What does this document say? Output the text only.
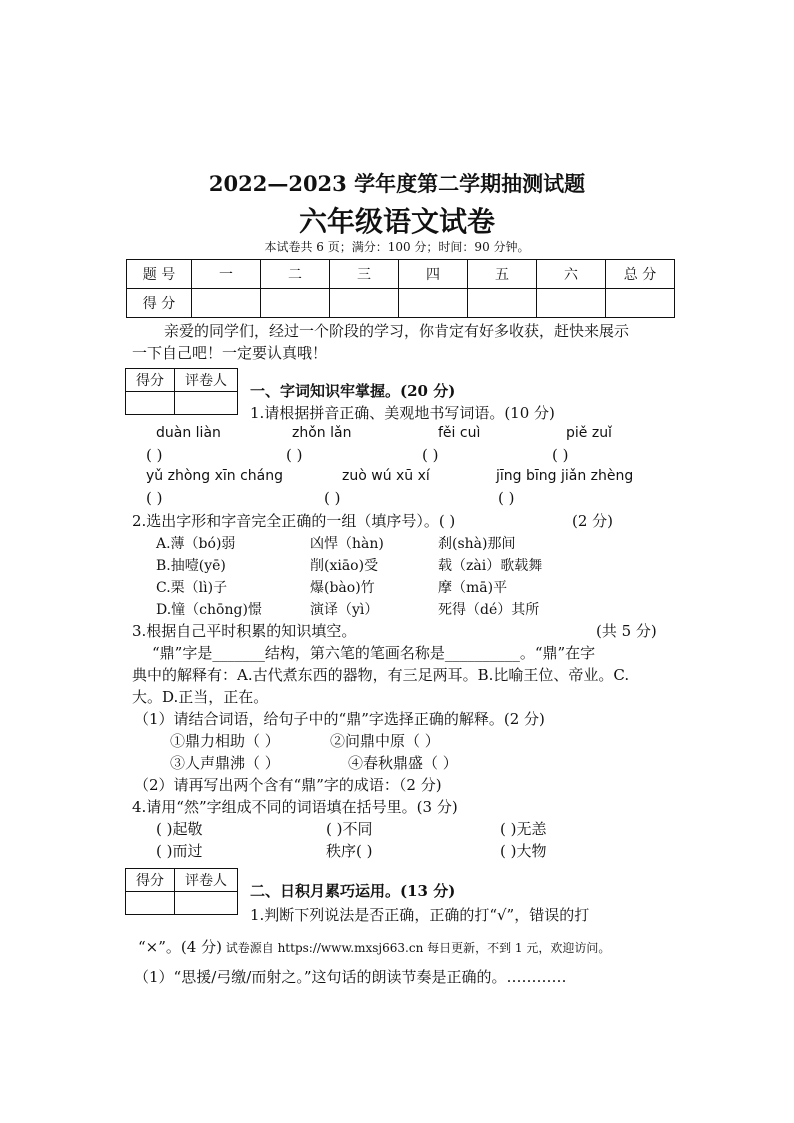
2022—2023 学年度第二学期抽测试题
六年级语文试卷
本试卷共 6 页；满分：100 分；时间：90 分钟。
题 号	一	二	三	四	五	六	总 分
得 分							
亲爱的同学们，经过一个阶段的学习，你肯定有好多收获，赶快来展示
一下自己吧！一定要认真哦！
得分	评卷人

一、字词知识牢掌握。(20 分)
1.请根据拼音正确、美观地书写词语。(10 分)
duàn liàn	zhǒn lǎn	fěi cuì	piě zuǐ
( )	( )	( )	( )
yǔ zhòng xīn cháng	zuò wú xū xí	jīng bīng jiǎn zhèng
( )	( )	( )
2.选出字形和字音完全正确的一组（填序号）。( )	(2 分)
A.薄（bó)弱	凶悍（hàn)	刹(shà)那间
B.抽噎(yē)	削(xiāo)受	载（zài）歌载舞
C.栗（lì)子	爆(bào)竹	摩（mā)平
D.憧（chōng)憬	演译（yì）	死得（dé）其所
3.根据自己平时积累的知识填空。	(共 5 分)
“鼎”字是_______结构，第六笔的笔画名称是__________。“鼎”在字
典中的解释有：A.古代煮东西的器物，有三足两耳。B.比喻王位、帝业。C.
大。D.正当，正在。
（1）请结合词语，给句子中的“鼎”字选择正确的解释。(2 分)
①鼎力相助（ ）	②问鼎中原（ ）
③人声鼎沸（ ）	④春秋鼎盛（ ）
（2）请再写出两个含有“鼎”字的成语：（2 分)
4.请用“然”字组成不同的词语填在括号里。(3 分)
( )起敬	( )不同	( )无恙
( )而过	秩序( )	( )大物
得分	评卷人

二、日积月累巧运用。(13 分)
1.判断下列说法是否正确，正确的打“√”，错误的打
“×”。(4 分) 试卷源自 https://www.mxsj663.cn 每日更新，不到 1 元，欢迎访问。
（1）“思援/弓缴/而射之。”这句话的朗读节奏是正确的。…………
